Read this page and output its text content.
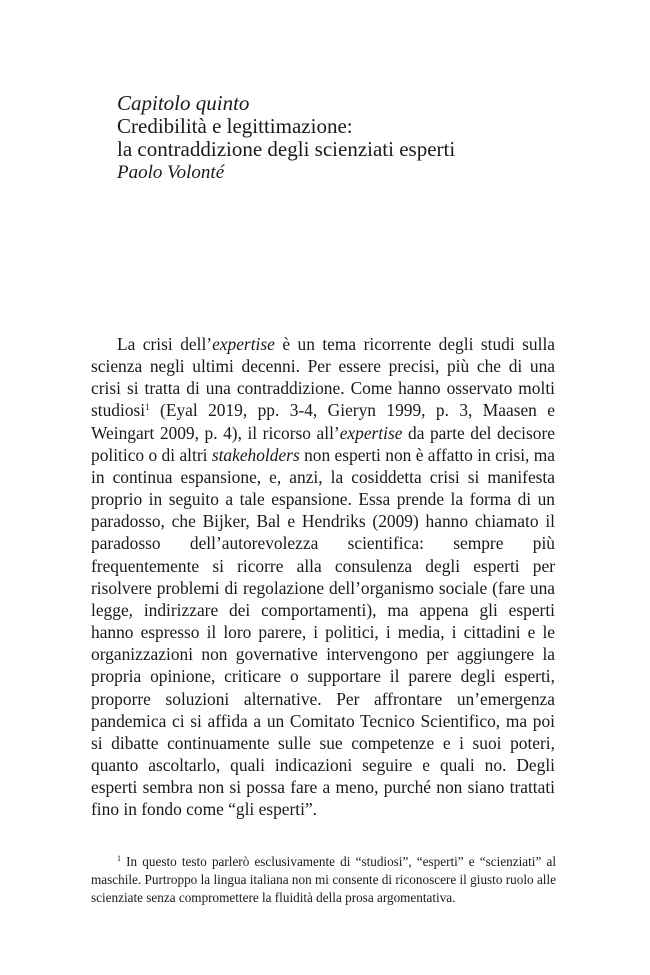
Capitolo quinto
Credibilità e legittimazione:
la contraddizione degli scienziati esperti
Paolo Volonté

La crisi dell’expertise è un tema ricorrente degli studi sulla scienza negli ultimi decenni. Per essere precisi, più che di una crisi si tratta di una contraddizione. Come hanno osservato molti studiosi$^1$ (Eyal 2019, pp. 3-4, Gieryn 1999, p. 3, Maasen e Weingart 2009, p. 4), il ricorso all’expertise da parte del decisore politico o di altri stakeholders non esperti non è affatto in crisi, ma in continua espansione, e, anzi, la cosiddetta crisi si manifesta proprio in seguito a tale espansione. Essa prende la forma di un paradosso, che Bijker, Bal e Hendriks (2009) hanno chiamato il paradosso dell’autorevolezza scientifica: sempre più frequentemente si ricorre alla consulenza degli esperti per risolvere problemi di regolazione dell’organismo sociale (fare una legge, indirizzare dei comportamenti), ma appena gli esperti hanno espresso il loro parere, i politici, i media, i cittadini e le organizzazioni non governative intervengono per aggiungere la propria opinione, criticare o supportare il parere degli esperti, proporre soluzioni alternative. Per affrontare un’emergenza pandemica ci si affida a un Comitato Tecnico Scientifico, ma poi si dibatte continuamente sulle sue competenze e i suoi poteri, quanto ascoltarlo, quali indicazioni seguire e quali no. Degli esperti sembra non si possa fare a meno, purché non siano trattati fino in fondo come “gli esperti”.

$^1$ In questo testo parlerò esclusivamente di “studiosi”, “esperti” e “scienziati” al maschile. Purtroppo la lingua italiana non mi consente di riconoscere il giusto ruolo alle scienziate senza compromettere la fluidità della prosa argomentativa.
